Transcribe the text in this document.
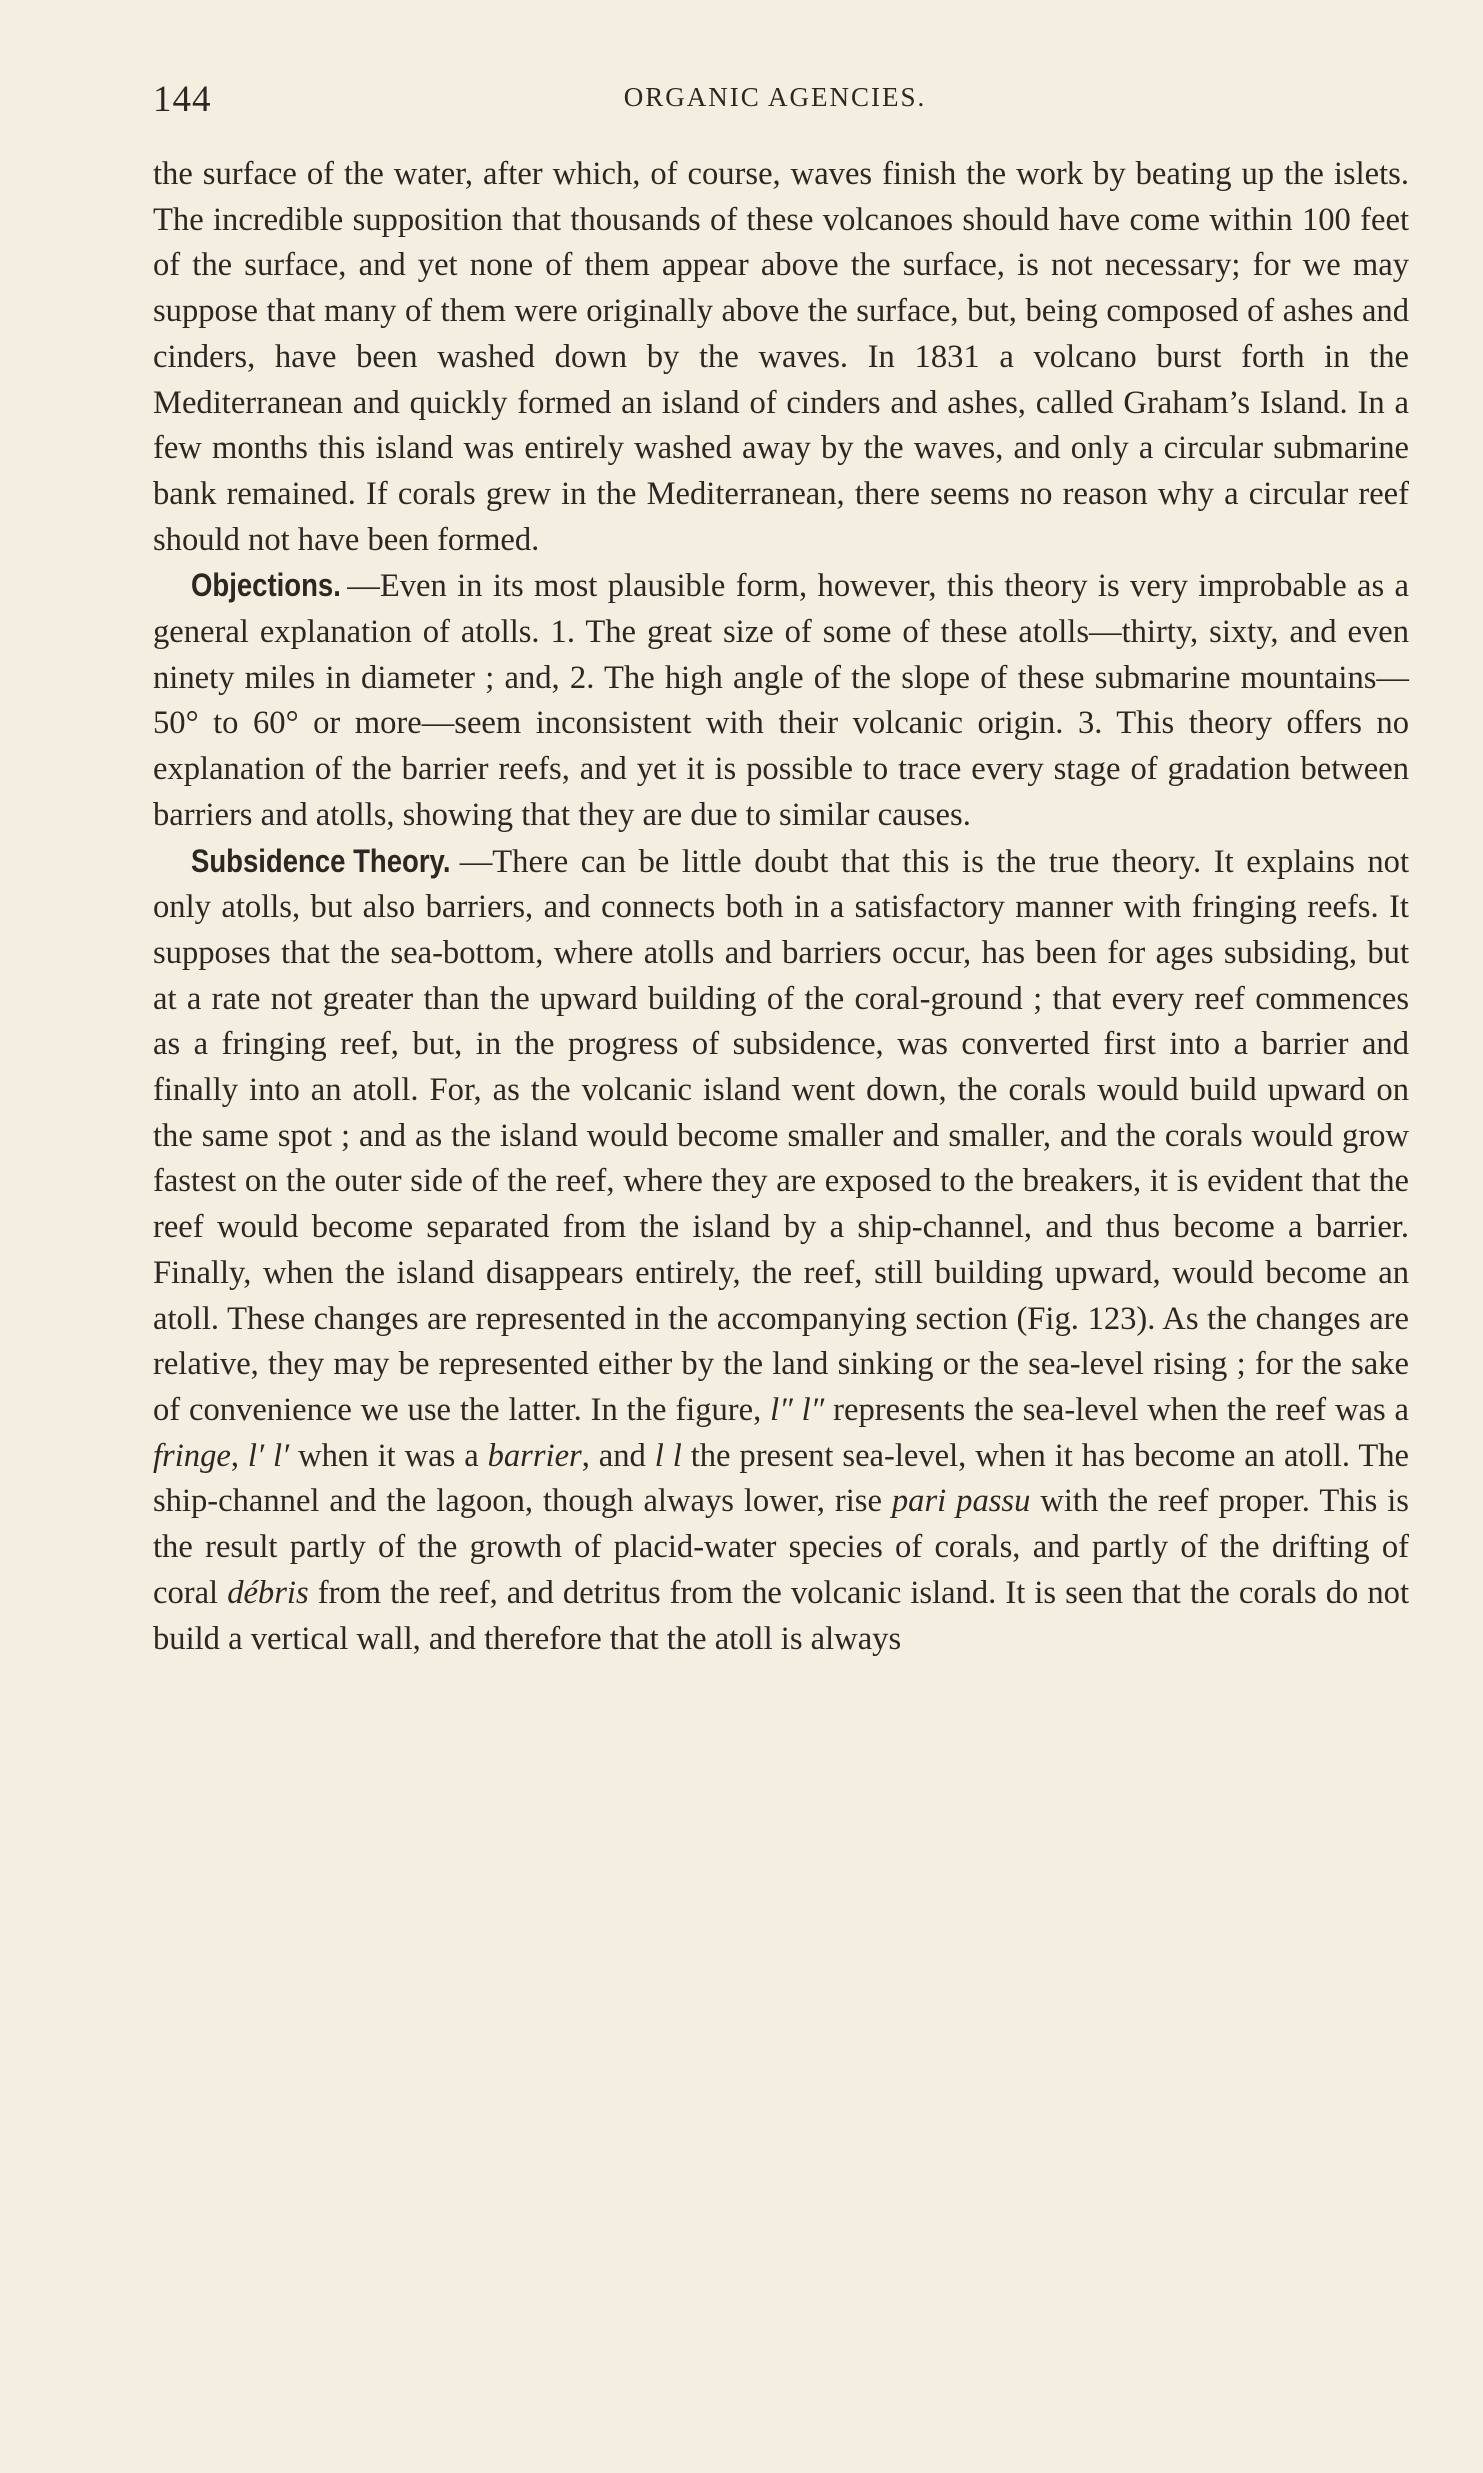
144	ORGANIC AGENCIES.

the surface of the water, after which, of course, waves finish the work by beating up the islets. The incredible supposition that thousands of these volcanoes should have come within 100 feet of the surface, and yet none of them appear above the surface, is not necessary; for we may suppose that many of them were originally above the surface, but, being composed of ashes and cinders, have been washed down by the waves. In 1831 a volcano burst forth in the Mediterranean and quickly formed an island of cinders and ashes, called Graham’s Island. In a few months this island was entirely washed away by the waves, and only a circular submarine bank remained. If corals grew in the Mediterranean, there seems no reason why a circular reef should not have been formed.

Objections. —Even in its most plausible form, however, this theory is very improbable as a general explanation of atolls. 1. The great size of some of these atolls—thirty, sixty, and even ninety miles in diameter ; and, 2. The high angle of the slope of these submarine mountains—50° to 60° or more—seem inconsistent with their volcanic origin. 3. This theory offers no explanation of the barrier reefs, and yet it is possible to trace every stage of gradation between barriers and atolls, showing that they are due to similar causes.

Subsidence Theory. —There can be little doubt that this is the true theory. It explains not only atolls, but also barriers, and connects both in a satisfactory manner with fringing reefs. It supposes that the sea-bottom, where atolls and barriers occur, has been for ages subsiding, but at a rate not greater than the upward building of the coral-ground ; that every reef commences as a fringing reef, but, in the progress of subsidence, was converted first into a barrier and finally into an atoll. For, as the volcanic island went down, the corals would build upward on the same spot ; and as the island would become smaller and smaller, and the corals would grow fastest on the outer side of the reef, where they are exposed to the breakers, it is evident that the reef would become separated from the island by a ship-channel, and thus become a barrier. Finally, when the island disappears entirely, the reef, still building upward, would become an atoll. These changes are represented in the accompanying section (Fig. 123). As the changes are relative, they may be represented either by the land sinking or the sea-level rising ; for the sake of convenience we use the latter. In the figure, l″ l″ represents the sea-level when the reef was a fringe, l′ l′ when it was a barrier, and l l the present sea-level, when it has become an atoll. The ship-channel and the lagoon, though always lower, rise pari passu with the reef proper. This is the result partly of the growth of placid-water species of corals, and partly of the drifting of coral débris from the reef, and detritus from the volcanic island. It is seen that the corals do not build a vertical wall, and therefore that the atoll is always
